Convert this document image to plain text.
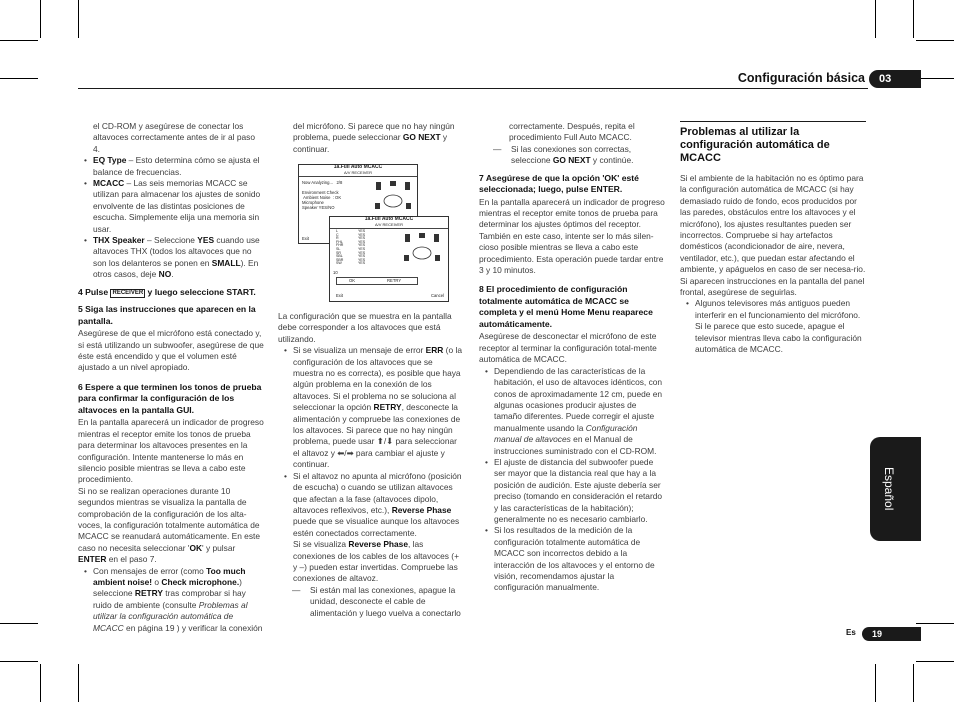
Configuración básica	03

el CD-ROM y asegúrese de conectar los altavoces correctamente antes de ir al paso 4.

• EQ Type – Esto determina cómo se ajusta el balance de frecuencias.

• MCACC – Las seis memorias MCACC se utilizan para almacenar los ajustes de sonido envolvente de las distintas posiciones de escucha. Simplemente elija una memoria sin usar.

• THX Speaker – Seleccione YES cuando use altavoces THX (todos los altavoces que no son los delanteros se ponen en SMALL). En otros casos, deje NO.

4 Pulse RECEIVER y luego seleccione START.

5 Siga las instrucciones que aparecen en la pantalla.

Asegúrese de que el micrófono está conectado y, si está utilizando un subwoofer, asegúrese de que éste está encendido y que el volumen esté ajustado a un nivel apropiado.

6 Espere a que terminen los tonos de prueba para confirmar la configuración de los altavoces en la pantalla GUI.

En la pantalla aparecerá un indicador de progreso mientras el receptor emite los tonos de prueba para determinar los altavoces presentes en la configuración. Intente mantenerse lo más en silencio posible mientras se lleva a cabo este procedimiento.

Si no se realizan operaciones durante 10 segundos mientras se visualiza la pantalla de comprobación de la configuración de los alta-voces, la configuración totalmente automática de MCACC se reanudará automáticamente. En este caso no necesita seleccionar 'OK' y pulsar ENTER en el paso 7.

• Con mensajes de error (como Too much ambient noise! o Check microphone.) seleccione RETRY tras comprobar si hay ruido de ambiente (consulte Problemas al utilizar la configuración automática de MCACC en página 19 ) y verificar la conexión

del micrófono. Si parece que no hay ningún problema, puede seleccionar GO NEXT y continuar.

1a.Full Auto MCACC
A/V RECEIVER
Now Analyzing... 2/8
Environment Check
Ambient Noise : OK
Microphone
Speaker YES/NO
Exit
1a.Full Auto MCACC
A/V RECEIVER
L	YES
C	YES
R	YES
FHL	YES
FHR	YES
SL	YES
SR	YES
SBL	YES
SBR	YES
SW	YES
10
OK	RETRY
Exit	Cancel

La configuración que se muestra en la pantalla debe corresponder a los altavoces que está utilizando.

• Si se visualiza un mensaje de error ERR (o la configuración de los altavoces que se muestra no es correcta), es posible que haya algún problema en la conexión de los altavoces. Si el problema no se soluciona al seleccionar la opción RETRY, desconecte la alimentación y compruebe las conexiones de los altavoces. Si parece que no hay ningún problema, puede usar ⬆/⬇ para seleccionar el altavoz y ⬅/➡ para cambiar el ajuste y continuar.

• Si el altavoz no apunta al micrófono (posición de escucha) o cuando se utilizan altavoces que afectan a la fase (altavoces dipolo, altavoces reflexivos, etc.), Reverse Phase puede que se visualice aunque los altavoces estén conectados correctamente.

Si se visualiza Reverse Phase, las conexiones de los cables de los altavoces (+ y –) pueden estar invertidas. Compruebe las conexiones de altavoz.

— Si están mal las conexiones, apague la unidad, desconecte el cable de alimentación y luego vuelva a conectarlo

correctamente. Después, repita el procedimiento Full Auto MCACC.

— Si las conexiones son correctas, seleccione GO NEXT y continúe.

7 Asegúrese de que la opción 'OK' esté seleccionada; luego, pulse ENTER.

En la pantalla aparecerá un indicador de progreso mientras el receptor emite tonos de prueba para determinar los ajustes óptimos del receptor.

También en este caso, intente ser lo más silen-cioso posible mientras se lleva a cabo este procedimiento. Esta operación puede tardar entre 3 y 10 minutos.

8 El procedimiento de configuración totalmente automática de MCACC se completa y el menú Home Menu reaparece automáticamente.

Asegúrese de desconectar el micrófono de este receptor al terminar la configuración total-mente automática de MCACC.

• Dependiendo de las características de la habitación, el uso de altavoces idénticos, con conos de aproximadamente 12 cm, puede en algunas ocasiones producir ajustes de tamaño diferentes. Puede corregir el ajuste manualmente usando la Configuración manual de altavoces en el Manual de instrucciones suministrado con el CD-ROM.

• El ajuste de distancia del subwoofer puede ser mayor que la distancia real que hay a la posición de audición. Este ajuste debería ser preciso (tomando en consideración el retardo y las características de la habitación); generalmente no es necesario cambiarlo.

• Si los resultados de la medición de la configuración totalmente automática de MCACC son incorrectos debido a la interacción de los altavoces y el entorno de visión, recomendamos ajustar la configuración manualmente.

Problemas al utilizar la configuración automática de MCACC

Si el ambiente de la habitación no es óptimo para la configuración automática de MCACC (si hay demasiado ruido de fondo, ecos producidos por las paredes, obstáculos entre los altavoces y el micrófono), los ajustes resultantes pueden ser incorrectos. Compruebe si hay artefactos domésticos (acondicionador de aire, nevera, ventilador, etc.), que puedan estar afectando el ambiente, y apáguelos en caso de ser necesa-rio. Si aparecen instrucciones en la pantalla del panel frontal, asegúrese de seguirlas.

• Algunos televisores más antiguos pueden interferir en el funcionamiento del micrófono. Si le parece que esto sucede, apague el televisor mientras lleva cabo la configuración automática de MCACC.

Español
Es	19
